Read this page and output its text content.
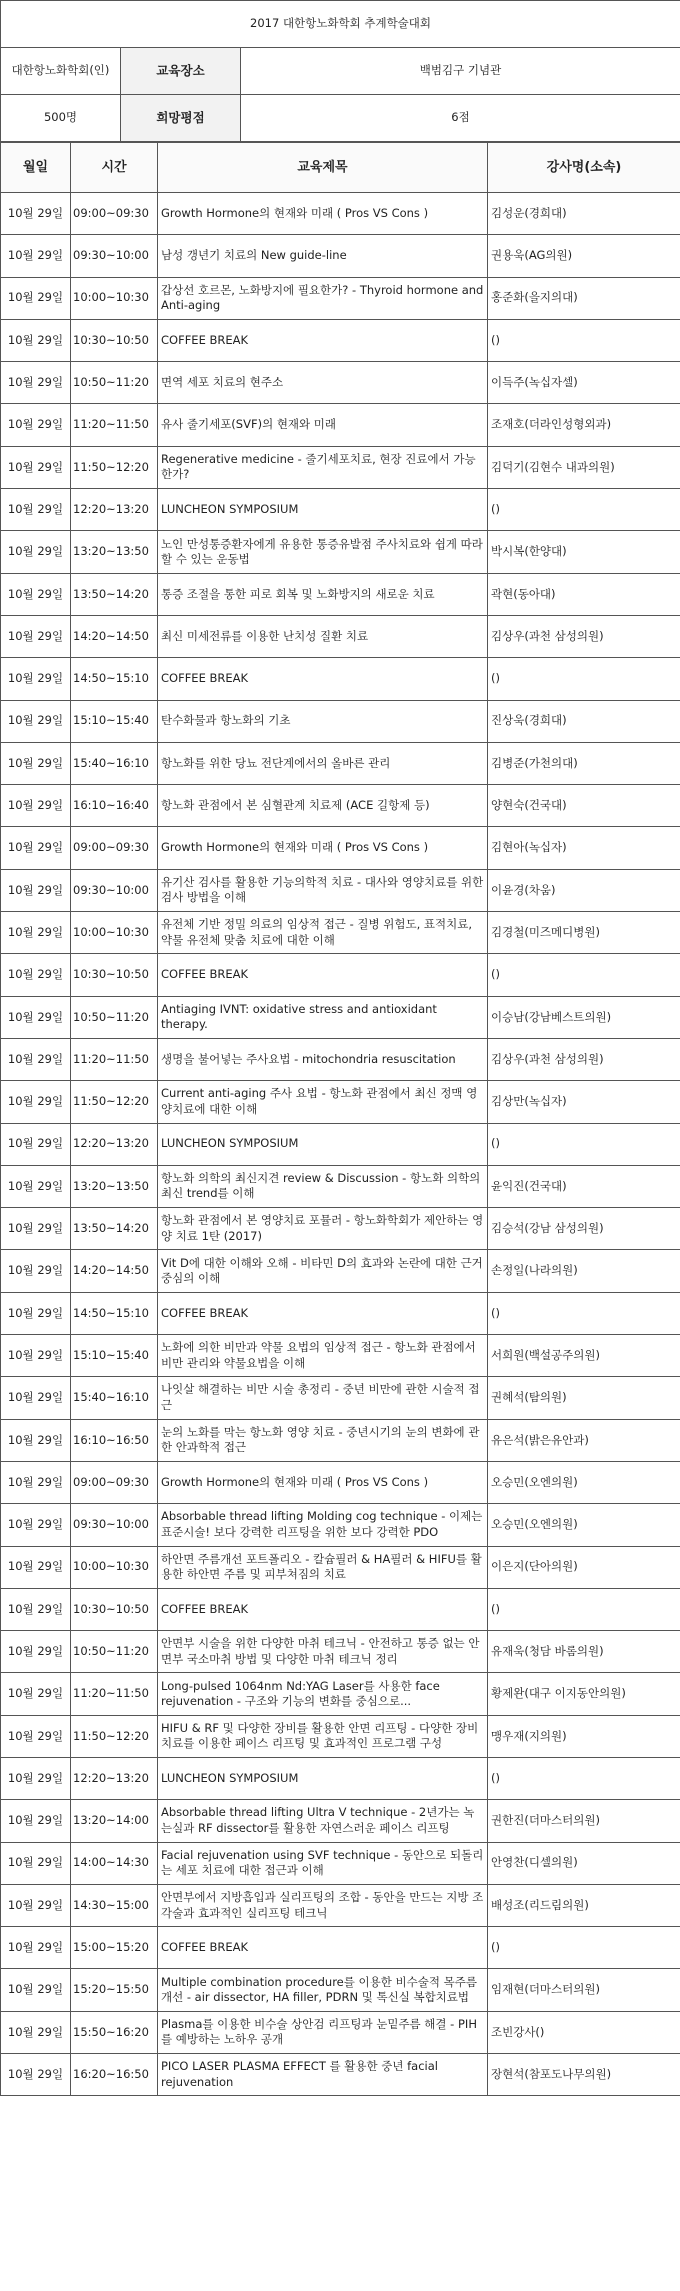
2017 대한항노화학회 추계학술대회		
대한항노화학회(인)	교육장소	백범김구 기념관
500명	희망평점	6점
월일	시간	교육제목	강사명(소속)
10월 29일	09:00~09:30	Growth Hormone의 현재와 미래 ( Pros VS Cons )	김성운(경희대)
10월 29일	09:30~10:00	남성 갱년기 치료의 New guide-line	권용욱(AG의원)
10월 29일	10:00~10:30	갑상선 호르몬, 노화방지에 필요한가? - Thyroid hormone and Anti-aging	홍준화(을지의대)
10월 29일	10:30~10:50	COFFEE BREAK	()
10월 29일	10:50~11:20	면역 세포 치료의 현주소	이득주(녹십자셀)
10월 29일	11:20~11:50	유사 줄기세포(SVF)의 현재와 미래	조재호(더라인성형외과)
10월 29일	11:50~12:20	Regenerative medicine - 줄기세포치료, 현장 진료에서 가능한가?	김덕기(김현수 내과의원)
10월 29일	12:20~13:20	LUNCHEON SYMPOSIUM	()
10월 29일	13:20~13:50	노인 만성통증환자에게 유용한 통증유발점 주사치료와 쉽게 따라할 수 있는 운동법	박시복(한양대)
10월 29일	13:50~14:20	통증 조절을 통한 피로 회복 및 노화방지의 새로운 치료	곽현(동아대)
10월 29일	14:20~14:50	최신 미세전류를 이용한 난치성 질환 치료	김상우(과천 삼성의원)
10월 29일	14:50~15:10	COFFEE BREAK	()
10월 29일	15:10~15:40	탄수화물과 항노화의 기초	진상욱(경희대)
10월 29일	15:40~16:10	항노화를 위한 당뇨 전단계에서의 올바른 관리	김병준(가천의대)
10월 29일	16:10~16:40	항노화 관점에서 본 심혈관계 치료제 (ACE 길항제 등)	양현숙(건국대)
10월 29일	09:00~09:30	Growth Hormone의 현재와 미래 ( Pros VS Cons )	김현아(녹십자)
10월 29일	09:30~10:00	유기산 검사를 활용한 기능의학적 치료 - 대사와 영양치료를 위한 검사 방법을 이해	이윤경(차움)
10월 29일	10:00~10:30	유전체 기반 정밀 의료의 임상적 접근 - 질병 위험도, 표적치료, 약물 유전체 맞춤 치료에 대한 이해	김경철(미즈메디병원)
10월 29일	10:30~10:50	COFFEE BREAK	()
10월 29일	10:50~11:20	Antiaging IVNT: oxidative stress and antioxidant therapy.	이승남(강남베스트의원)
10월 29일	11:20~11:50	생명을 불어넣는 주사요법 - mitochondria resuscitation	김상우(과천 삼성의원)
10월 29일	11:50~12:20	Current anti-aging 주사 요법 - 항노화 관점에서 최신 정맥 영양치료에 대한 이해	김상만(녹십자)
10월 29일	12:20~13:20	LUNCHEON SYMPOSIUM	()
10월 29일	13:20~13:50	항노화 의학의 최신지견 review & Discussion - 항노화 의학의 최신 trend를 이해	윤익진(건국대)
10월 29일	13:50~14:20	항노화 관점에서 본 영양치료 포뮬러 - 항노화학회가 제안하는 영양 치료 1탄 (2017)	김승석(강남 삼성의원)
10월 29일	14:20~14:50	Vit D에 대한 이해와 오해 - 비타민 D의 효과와 논란에 대한 근거 중심의 이해	손정일(나라의원)
10월 29일	14:50~15:10	COFFEE BREAK	()
10월 29일	15:10~15:40	노화에 의한 비만과 약물 요법의 임상적 접근 - 항노화 관점에서 비만 관리와 약물요법을 이해	서희원(백설공주의원)
10월 29일	15:40~16:10	나잇살 해결하는 비만 시술 총정리 - 중년 비만에 관한 시술적 접근	권혜석(탐의원)
10월 29일	16:10~16:50	눈의 노화를 막는 항노화 영양 치료 - 중년시기의 눈의 변화에 관한 안과학적 접근	유은석(밝은유안과)
10월 29일	09:00~09:30	Growth Hormone의 현재와 미래 ( Pros VS Cons )	오승민(오엔의원)
10월 29일	09:30~10:00	Absorbable thread lifting Molding cog technique - 이제는 표준시술! 보다 강력한 리프팅을 위한 보다 강력한 PDO	오승민(오엔의원)
10월 29일	10:00~10:30	하안면 주름개선 포트폴리오 - 칼슘필러 & HA필러 & HIFU를 활용한 하안면 주름 및 피부쳐짐의 치료	이은지(단아의원)
10월 29일	10:30~10:50	COFFEE BREAK	()
10월 29일	10:50~11:20	안면부 시술을 위한 다양한 마취 테크닉 - 안전하고 통증 없는 안면부 국소마취 방법 및 다양한 마취 테크닉 정리	유재욱(청담 바롬의원)
10월 29일	11:20~11:50	Long-pulsed 1064nm Nd:YAG Laser를 사용한 face rejuvenation - 구조와 기능의 변화를 중심으로...	황제완(대구 이지동안의원)
10월 29일	11:50~12:20	HIFU & RF 및 다양한 장비를 활용한 안면 리프팅 - 다양한 장비치료를 이용한 페이스 리프팅 및 효과적인 프로그램 구성	맹우재(지의원)
10월 29일	12:20~13:20	LUNCHEON SYMPOSIUM	()
10월 29일	13:20~14:00	Absorbable thread lifting Ultra V technique - 2년가는 녹는실과 RF dissector를 활용한 자연스러운 페이스 리프팅	권한진(더마스터의원)
10월 29일	14:00~14:30	Facial rejuvenation using SVF technique - 동안으로 되돌리는 세포 치료에 대한 접근과 이해	안영찬(디셀의원)
10월 29일	14:30~15:00	안면부에서 지방흡입과 실리프팅의 조합 - 동안을 만드는 지방 조각술과 효과적인 실리프팅 테크닉	배성조(리드림의원)
10월 29일	15:00~15:20	COFFEE BREAK	()
10월 29일	15:20~15:50	Multiple combination procedure를 이용한 비수술적 목주름 개선 - air dissector, HA filler, PDRN 및 톡신실 복합치료법	임재현(더마스터의원)
10월 29일	15:50~16:20	Plasma를 이용한 비수술 상안검 리프팅과 눈밑주름 해결 - PIH를 예방하는 노하우 공개	조빈강사()
10월 29일	16:20~16:50	PICO LASER PLASMA EFFECT 를 활용한 중년 facial rejuvenation	장현석(참포도나무의원)
